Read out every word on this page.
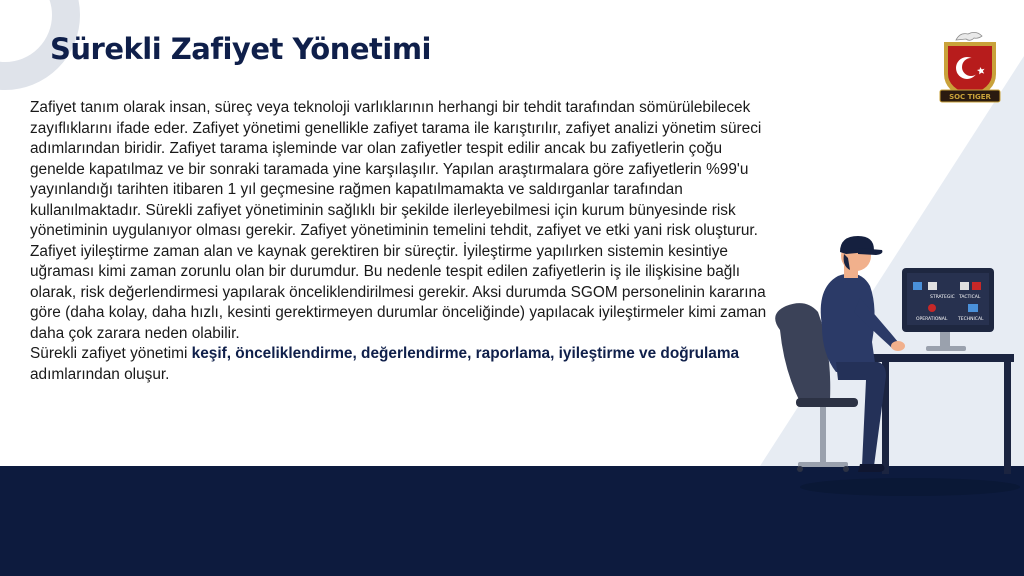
Sürekli Zafiyet Yönetimi
SOC TIGER

Zafiyet tanım olarak insan, süreç veya teknoloji varlıklarının herhangi bir tehdit tarafından sömürülebilecek zayıflıklarını ifade eder. Zafiyet yönetimi genellikle zafiyet tarama ile karıştırılır, zafiyet analizi yönetim süreci adımlarından biridir. Zafiyet tarama işleminde var olan zafiyetler tespit edilir ancak bu zafiyetlerin çoğu genelde kapatılmaz ve bir sonraki taramada yine karşılaşılır. Yapılan araştırmalara göre zafiyetlerin %99'u yayınlandığı tarihten itibaren 1 yıl geçmesine rağmen kapatılmamakta ve saldırganlar tarafından kullanılmaktadır. Sürekli zafiyet yönetiminin sağlıklı bir şekilde ilerleyebilmesi için kurum bünyesinde risk yönetiminin uygulanıyor olması gerekir. Zafiyet yönetiminin temelini tehdit, zafiyet ve etki yani risk oluşturur.

Zafiyet iyileştirme zaman alan ve kaynak gerektiren bir süreçtir. İyileştirme yapılırken sistemin kesintiye uğraması kimi zaman zorunlu olan bir durumdur. Bu nedenle tespit edilen zafiyetlerin iş ile ilişkisine bağlı olarak, risk değerlendirmesi yapılarak önceliklendirilmesi gerekir. Aksi durumda SGOM personelinin kararına göre (daha kolay, daha hızlı, kesinti gerektirmeyen durumlar önceliğinde) yapılacak iyileştirmeler kimi zaman daha çok zarara neden olabilir.

Sürekli zafiyet yönetimi keşif, önceliklendirme, değerlendirme, raporlama, iyileştirme ve doğrulama adımlarından oluşur.

STRATEGIC TACTICAL
OPERATIONAL TECHNICAL
